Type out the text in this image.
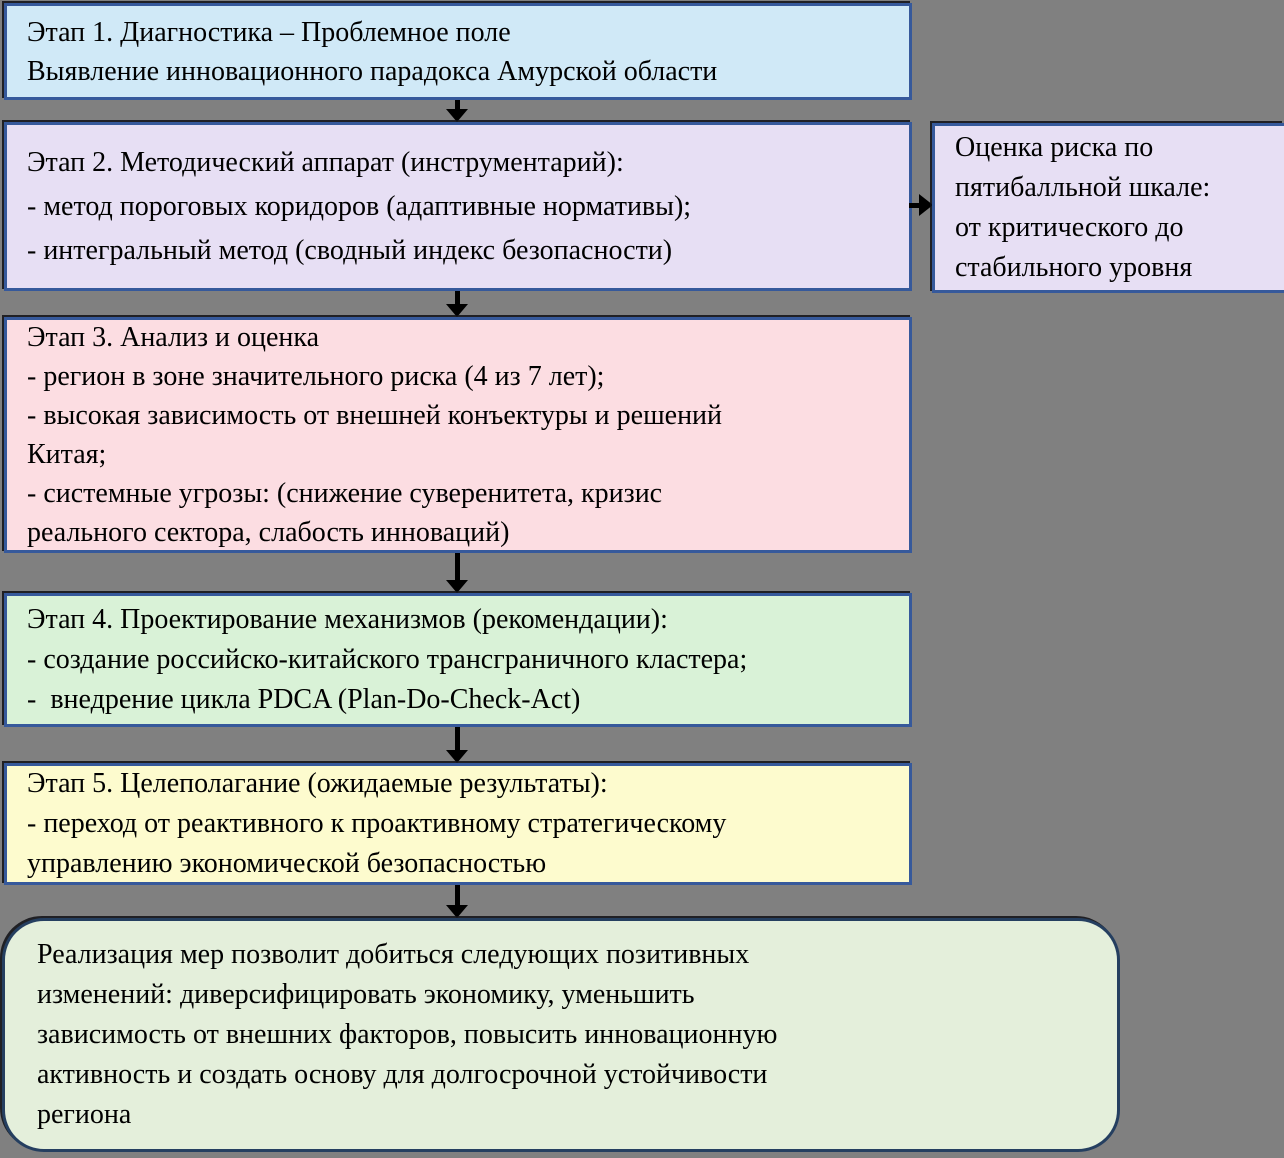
Этап 1. Диагностика – Проблемное поле
Выявление инновационного парадокса Амурской области
Этап 2. Методический аппарат (инструментарий):
- метод пороговых коридоров (адаптивные нормативы);
- интегральный метод (сводный индекс безопасности)
Оценка риска по
пятибалльной шкале:
от критического до
стабильного уровня
Этап 3. Анализ и оценка
- регион в зоне значительного риска (4 из 7 лет);
- высокая зависимость от внешней конъектуры и решений
Китая;
- системные угрозы: (снижение суверенитета, кризис
реального сектора, слабость инноваций)
Этап 4. Проектирование механизмов (рекомендации):
- создание российско-китайского трансграничного кластера;
-  внедрение цикла PDCA (Plan-Do-Check-Act)
Этап 5. Целеполагание (ожидаемые результаты):
- переход от реактивного к проактивному стратегическому
управлению экономической безопасностью
Реализация мер позволит добиться следующих позитивных
изменений: диверсифицировать экономику, уменьшить
зависимость от внешних факторов, повысить инновационную
активность и создать основу для долгосрочной устойчивости
региона
